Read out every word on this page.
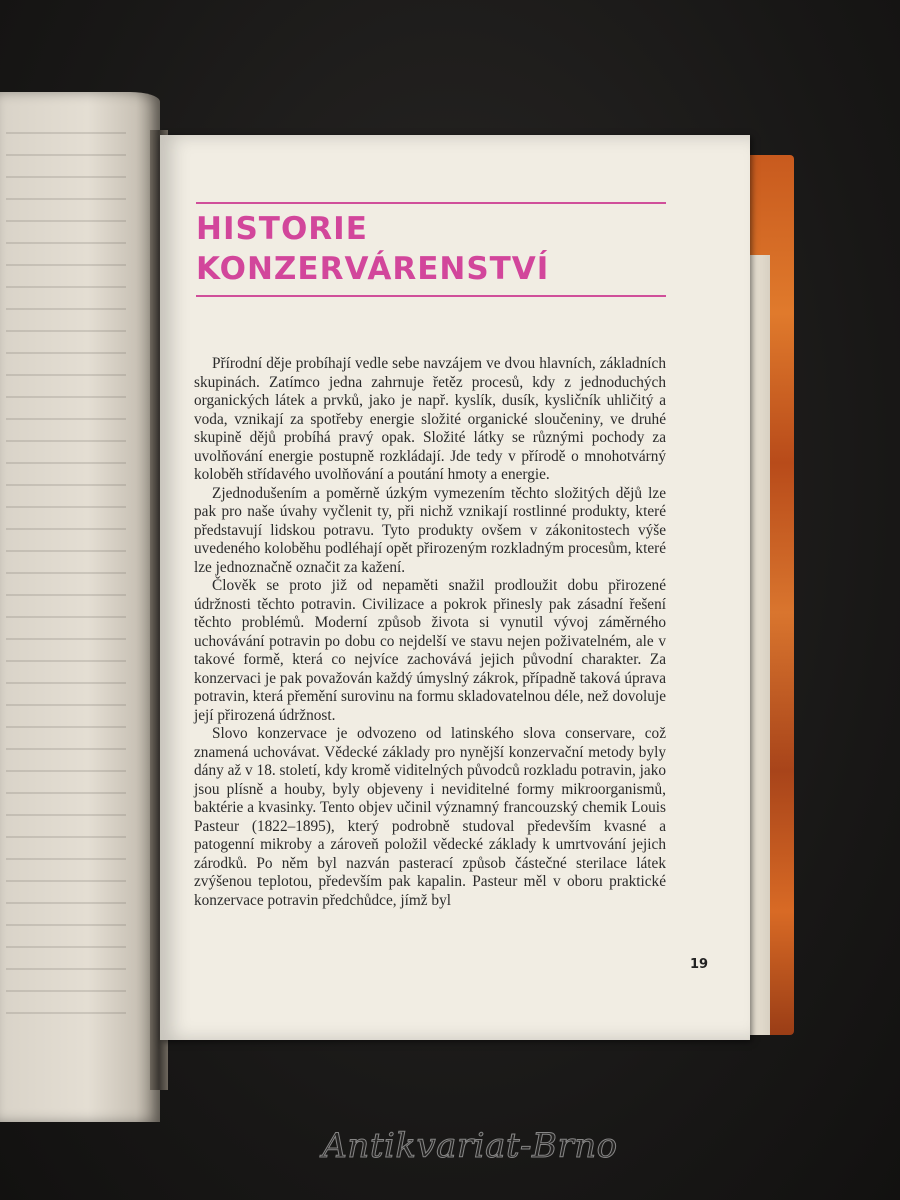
HISTORIE
KONZERVÁRENSTVÍ

Přírodní děje probíhají vedle sebe navzájem ve dvou hlavních, základních skupinách. Zatímco jedna zahrnuje řetěz procesů, kdy z jednoduchých organických látek a prvků, jako je např. kyslík, dusík, kysličník uhličitý a voda, vznikají za spotřeby energie složité organické sloučeniny, ve druhé skupině dějů probíhá pravý opak. Složité látky se různými pochody za uvolňování energie postupně rozkládají. Jde tedy v přírodě o mnohotvárný koloběh střídavého uvolňování a poutání hmoty a energie.

Zjednodušením a poměrně úzkým vymezením těchto složitých dějů lze pak pro naše úvahy vyčlenit ty, při nichž vznikají rostlinné produkty, které představují lidskou potravu. Tyto produkty ovšem v zákonitostech výše uvedeného koloběhu podléhají opět přirozeným rozkladným procesům, které lze jednoznačně označit za kažení.

Člověk se proto již od nepaměti snažil prodloužit dobu přirozené údržnosti těchto potravin. Civilizace a pokrok přinesly pak zásadní řešení těchto problémů. Moderní způsob života si vynutil vývoj záměrného uchovávání potravin po dobu co nejdelší ve stavu nejen poživatelném, ale v takové formě, která co nejvíce zachovává jejich původní charakter. Za konzervaci je pak považován každý úmyslný zákrok, případně taková úprava potravin, která přemění surovinu na formu skladovatelnou déle, než dovoluje její přirozená údržnost.

Slovo konzervace je odvozeno od latinského slova conservare, což znamená uchovávat. Vědecké základy pro nynější konzervační metody byly dány až v 18. století, kdy kromě viditelných původců rozkladu potravin, jako jsou plísně a houby, byly objeveny i neviditelné formy mikroorganismů, baktérie a kvasinky. Tento objev učinil významný francouzský chemik Louis Pasteur (1822–1895), který podrobně studoval především kvasné a patogenní mikroby a zároveň položil vědecké základy k umrtvování jejich zárodků. Po něm byl nazván pasterací způsob částečné sterilace látek zvýšenou teplotou, především pak kapalin. Pasteur měl v oboru praktické konzervace potravin předchůdce, jímž byl

19
Antikvariat-Brno
